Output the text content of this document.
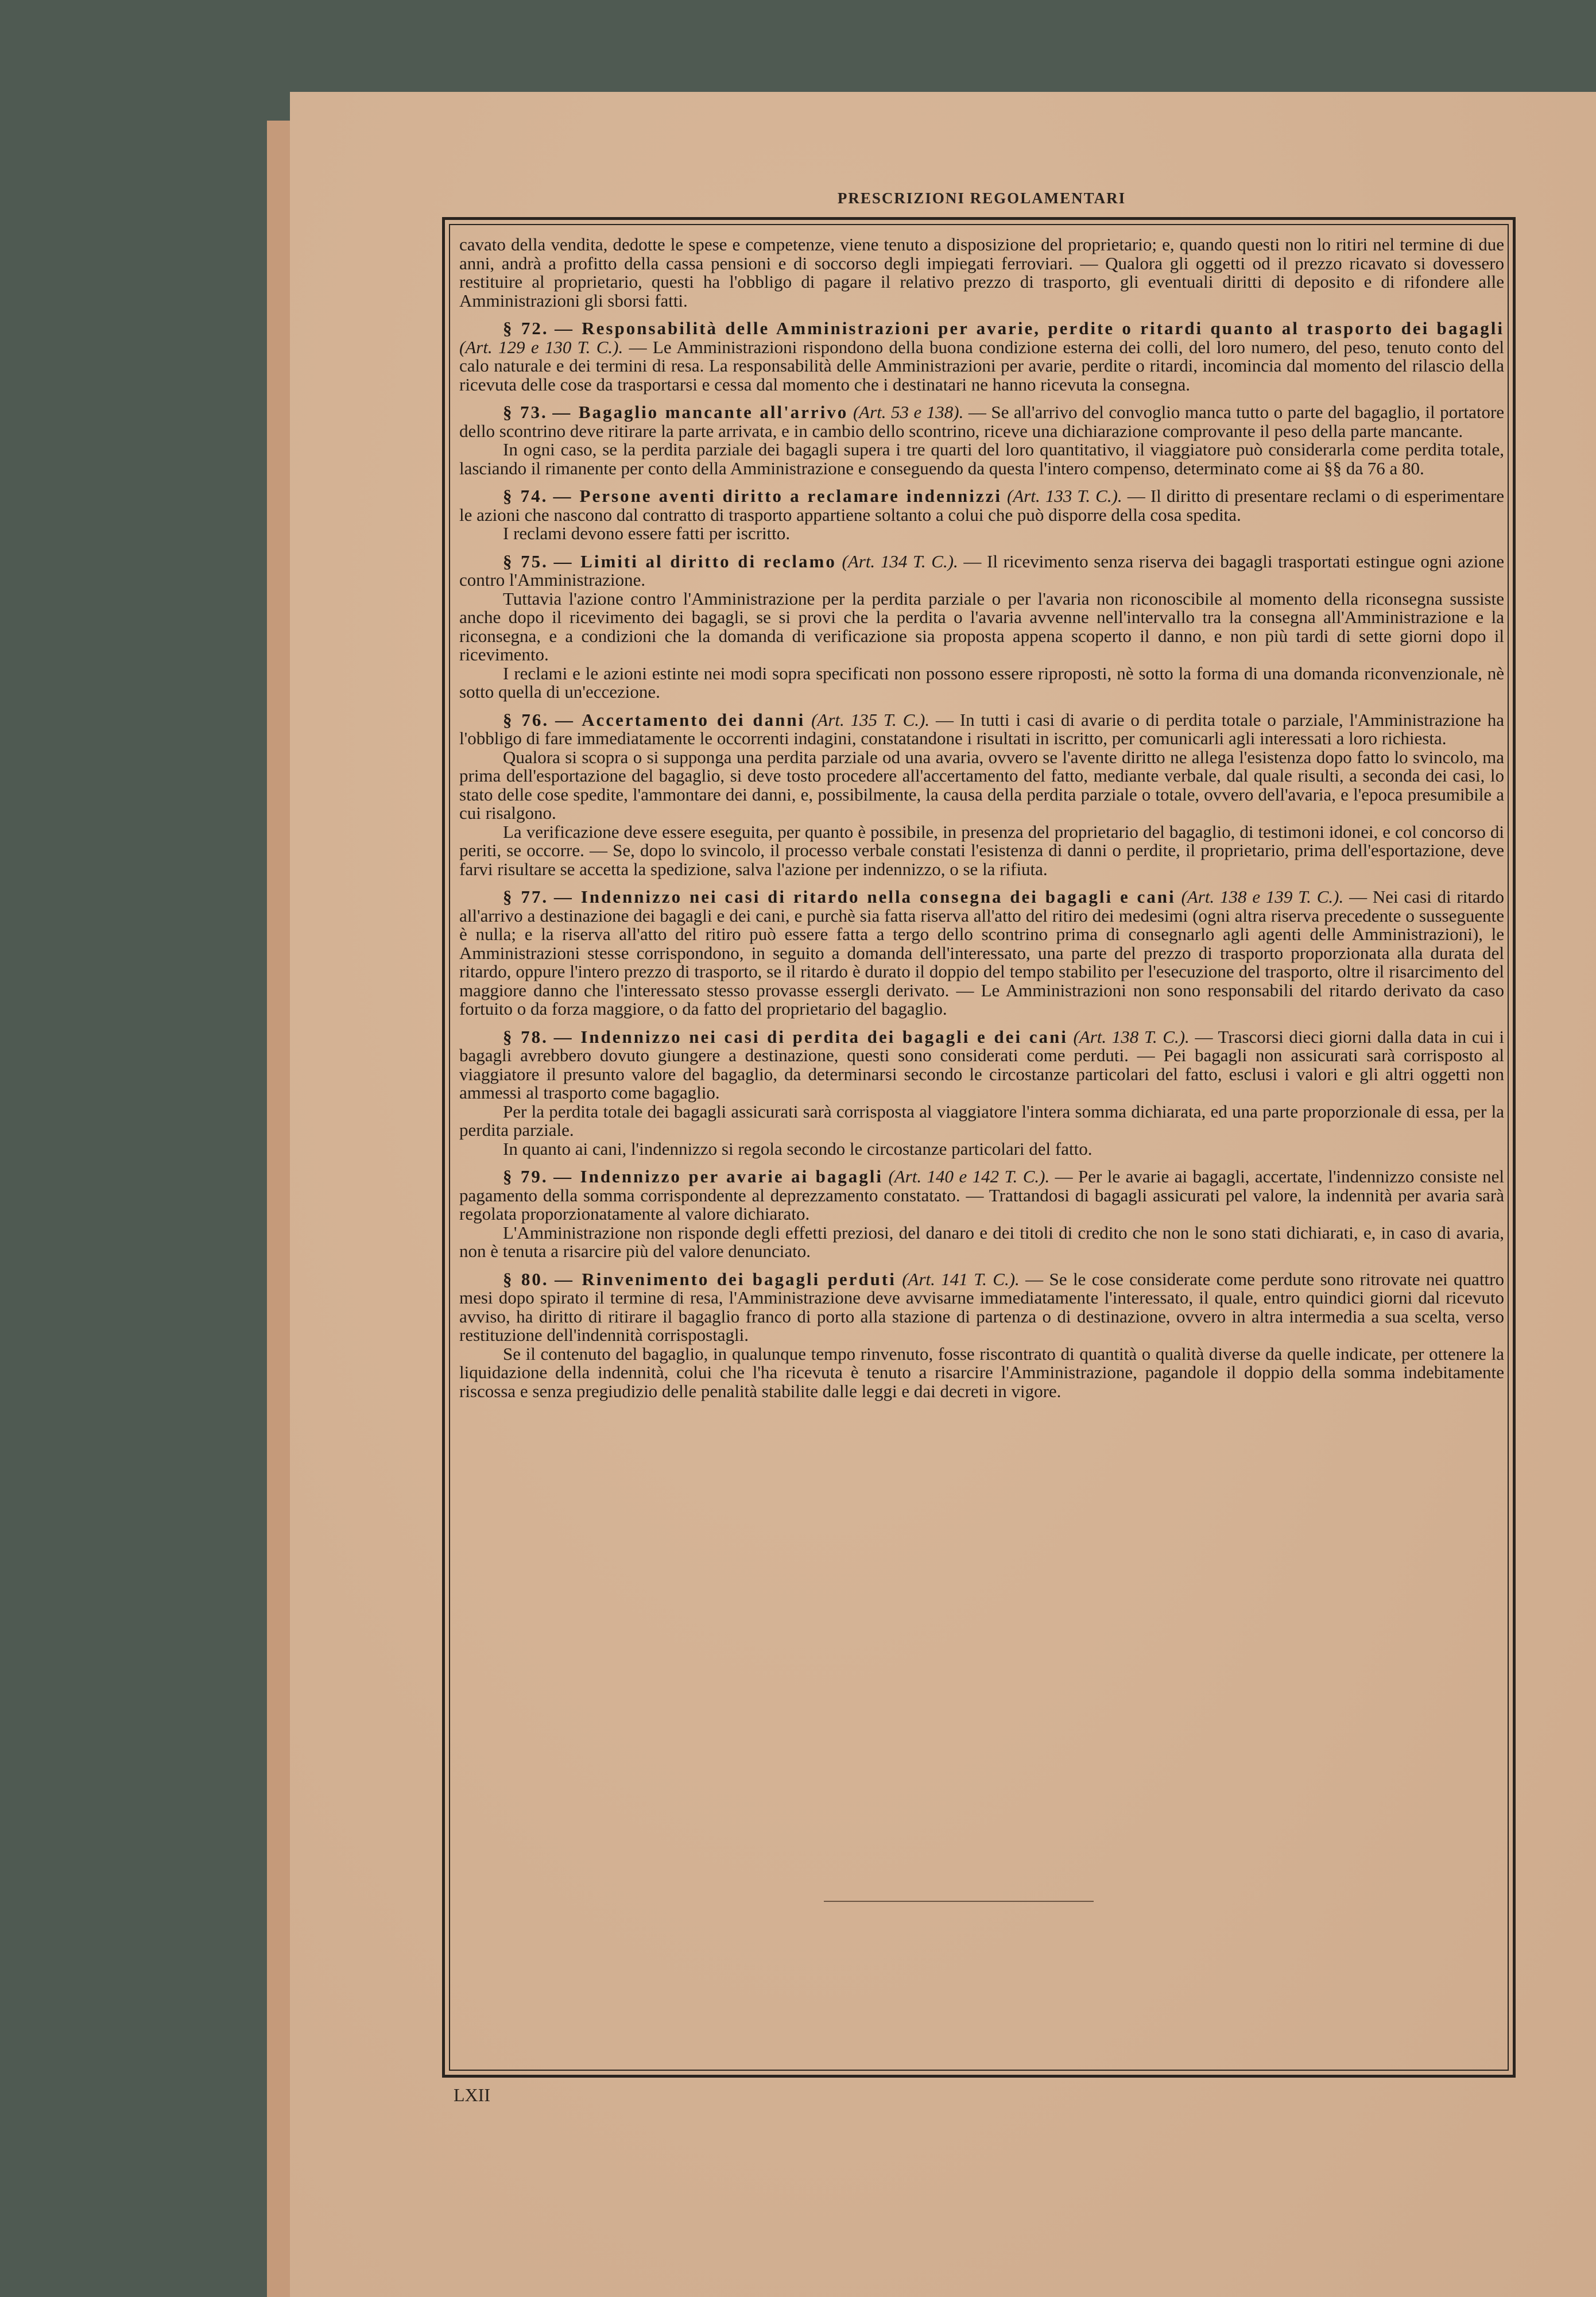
PRESCRIZIONI REGOLAMENTARI

cavato della vendita, dedotte le spese e competenze, viene tenuto a disposizione del proprietario; e, quando questi non lo ritiri nel termine di due anni, andrà a profitto della cassa pensioni e di soccorso degli impiegati ferroviari. — Qualora gli oggetti od il prezzo ricavato si dovessero restituire al proprietario, questi ha l'obbligo di pagare il relativo prezzo di trasporto, gli eventuali diritti di deposito e di rifondere alle Amministrazioni gli sborsi fatti.

§ 72. — Responsabilità delle Amministrazioni per avarie, perdite o ritardi quanto al trasporto dei bagagli (Art. 129 e 130 T. C.). — Le Amministrazioni rispondono della buona condizione esterna dei colli, del loro numero, del peso, tenuto conto del calo naturale e dei termini di resa. La responsabilità delle Amministrazioni per avarie, perdite o ritardi, incomincia dal momento del rilascio della ricevuta delle cose da trasportarsi e cessa dal momento che i destinatari ne hanno ricevuta la consegna.

§ 73. — Bagaglio mancante all'arrivo (Art. 53 e 138). — Se all'arrivo del convoglio manca tutto o parte del bagaglio, il portatore dello scontrino deve ritirare la parte arrivata, e in cambio dello scontrino, riceve una dichiarazione comprovante il peso della parte mancante.

In ogni caso, se la perdita parziale dei bagagli supera i tre quarti del loro quantitativo, il viaggiatore può considerarla come perdita totale, lasciando il rimanente per conto della Amministrazione e conseguendo da questa l'intero compenso, determinato come ai §§ da 76 a 80.

§ 74. — Persone aventi diritto a reclamare indennizzi (Art. 133 T. C.). — Il diritto di presentare reclami o di esperimentare le azioni che nascono dal contratto di trasporto appartiene soltanto a colui che può disporre della cosa spedita.

I reclami devono essere fatti per iscritto.

§ 75. — Limiti al diritto di reclamo (Art. 134 T. C.). — Il ricevimento senza riserva dei bagagli trasportati estingue ogni azione contro l'Amministrazione.

Tuttavia l'azione contro l'Amministrazione per la perdita parziale o per l'avaria non riconoscibile al momento della riconsegna sussiste anche dopo il ricevimento dei bagagli, se si provi che la perdita o l'avaria avvenne nell'intervallo tra la consegna all'Amministrazione e la riconsegna, e a condizioni che la domanda di verificazione sia proposta appena scoperto il danno, e non più tardi di sette giorni dopo il ricevimento.

I reclami e le azioni estinte nei modi sopra specificati non possono essere riproposti, nè sotto la forma di una domanda riconvenzionale, nè sotto quella di un'eccezione.

§ 76. — Accertamento dei danni (Art. 135 T. C.). — In tutti i casi di avarie o di perdita totale o parziale, l'Amministrazione ha l'obbligo di fare immediatamente le occorrenti indagini, constatandone i risultati in iscritto, per comunicarli agli interessati a loro richiesta.

Qualora si scopra o si supponga una perdita parziale od una avaria, ovvero se l'avente diritto ne allega l'esistenza dopo fatto lo svincolo, ma prima dell'esportazione del bagaglio, si deve tosto procedere all'accertamento del fatto, mediante verbale, dal quale risulti, a seconda dei casi, lo stato delle cose spedite, l'ammontare dei danni, e, possibilmente, la causa della perdita parziale o totale, ovvero dell'avaria, e l'epoca presumibile a cui risalgono.

La verificazione deve essere eseguita, per quanto è possibile, in presenza del proprietario del bagaglio, di testimoni idonei, e col concorso di periti, se occorre. — Se, dopo lo svincolo, il processo verbale constati l'esistenza di danni o perdite, il proprietario, prima dell'esportazione, deve farvi risultare se accetta la spedizione, salva l'azione per indennizzo, o se la rifiuta.

§ 77. — Indennizzo nei casi di ritardo nella consegna dei bagagli e cani (Art. 138 e 139 T. C.). — Nei casi di ritardo all'arrivo a destinazione dei bagagli e dei cani, e purchè sia fatta riserva all'atto del ritiro dei medesimi (ogni altra riserva precedente o susseguente è nulla; e la riserva all'atto del ritiro può essere fatta a tergo dello scontrino prima di consegnarlo agli agenti delle Amministrazioni), le Amministrazioni stesse corrispondono, in seguito a domanda dell'interessato, una parte del prezzo di trasporto proporzionata alla durata del ritardo, oppure l'intero prezzo di trasporto, se il ritardo è durato il doppio del tempo stabilito per l'esecuzione del trasporto, oltre il risarcimento del maggiore danno che l'interessato stesso provasse essergli derivato. — Le Amministrazioni non sono responsabili del ritardo derivato da caso fortuito o da forza maggiore, o da fatto del proprietario del bagaglio.

§ 78. — Indennizzo nei casi di perdita dei bagagli e dei cani (Art. 138 T. C.). — Trascorsi dieci giorni dalla data in cui i bagagli avrebbero dovuto giungere a destinazione, questi sono considerati come perduti. — Pei bagagli non assicurati sarà corrisposto al viaggiatore il presunto valore del bagaglio, da determinarsi secondo le circostanze particolari del fatto, esclusi i valori e gli altri oggetti non ammessi al trasporto come bagaglio.

Per la perdita totale dei bagagli assicurati sarà corrisposta al viaggiatore l'intera somma dichiarata, ed una parte proporzionale di essa, per la perdita parziale.

In quanto ai cani, l'indennizzo si regola secondo le circostanze particolari del fatto.

§ 79. — Indennizzo per avarie ai bagagli (Art. 140 e 142 T. C.). — Per le avarie ai bagagli, accertate, l'indennizzo consiste nel pagamento della somma corrispondente al deprezzamento constatato. — Trattandosi di bagagli assicurati pel valore, la indennità per avaria sarà regolata proporzionatamente al valore dichiarato.

L'Amministrazione non risponde degli effetti preziosi, del danaro e dei titoli di credito che non le sono stati dichiarati, e, in caso di avaria, non è tenuta a risarcire più del valore denunciato.

§ 80. — Rinvenimento dei bagagli perduti (Art. 141 T. C.). — Se le cose considerate come perdute sono ritrovate nei quattro mesi dopo spirato il termine di resa, l'Amministrazione deve avvisarne immediatamente l'interessato, il quale, entro quindici giorni dal ricevuto avviso, ha diritto di ritirare il bagaglio franco di porto alla stazione di partenza o di destinazione, ovvero in altra intermedia a sua scelta, verso restituzione dell'indennità corrispostagli.

Se il contenuto del bagaglio, in qualunque tempo rinvenuto, fosse riscontrato di quantità o qualità diverse da quelle indicate, per ottenere la liquidazione della indennità, colui che l'ha ricevuta è tenuto a risarcire l'Amministrazione, pagandole il doppio della somma indebitamente riscossa e senza pregiudizio delle penalità stabilite dalle leggi e dai decreti in vigore.

LXII
